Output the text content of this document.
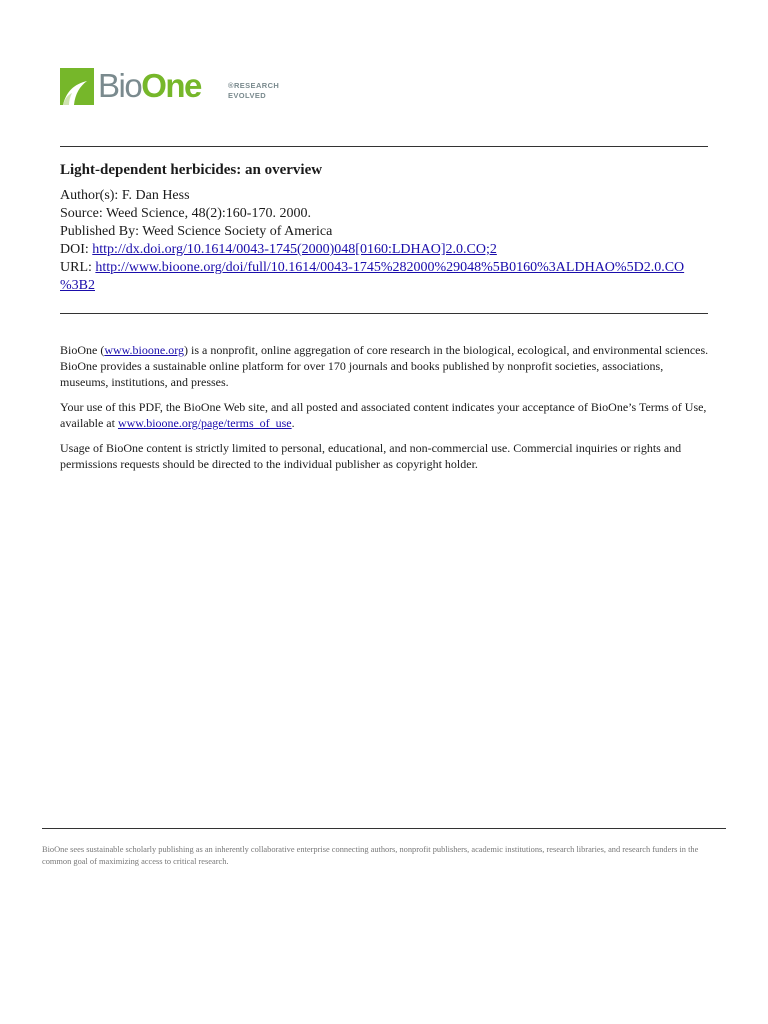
BioOne	®RESEARCH
EVOLVED
Light-dependent herbicides: an overview
Author(s): F. Dan Hess
Source: Weed Science, 48(2):160-170. 2000.
Published By: Weed Science Society of America
DOI: http://dx.doi.org/10.1614/0043-1745(2000)048[0160:LDHAO]2.0.CO;2
URL: http://www.bioone.org/doi/full/10.1614/0043-1745%282000%29048%5B0160%3ALDHAO%5D2.0.CO
%3B2

BioOne (www.bioone.org) is a nonprofit, online aggregation of core research in the biological, ecological, and environmental sciences. BioOne provides a sustainable online platform for over 170 journals and books published by nonprofit societies, associations, museums, institutions, and presses.

Your use of this PDF, the BioOne Web site, and all posted and associated content indicates your acceptance of BioOne’s Terms of Use, available at www.bioone.org/page/terms_of_use.

Usage of BioOne content is strictly limited to personal, educational, and non-commercial use. Commercial inquiries or rights and permissions requests should be directed to the individual publisher as copyright holder.

BioOne sees sustainable scholarly publishing as an inherently collaborative enterprise connecting authors, nonprofit publishers, academic institutions, research libraries, and research funders in the common goal of maximizing access to critical research.
